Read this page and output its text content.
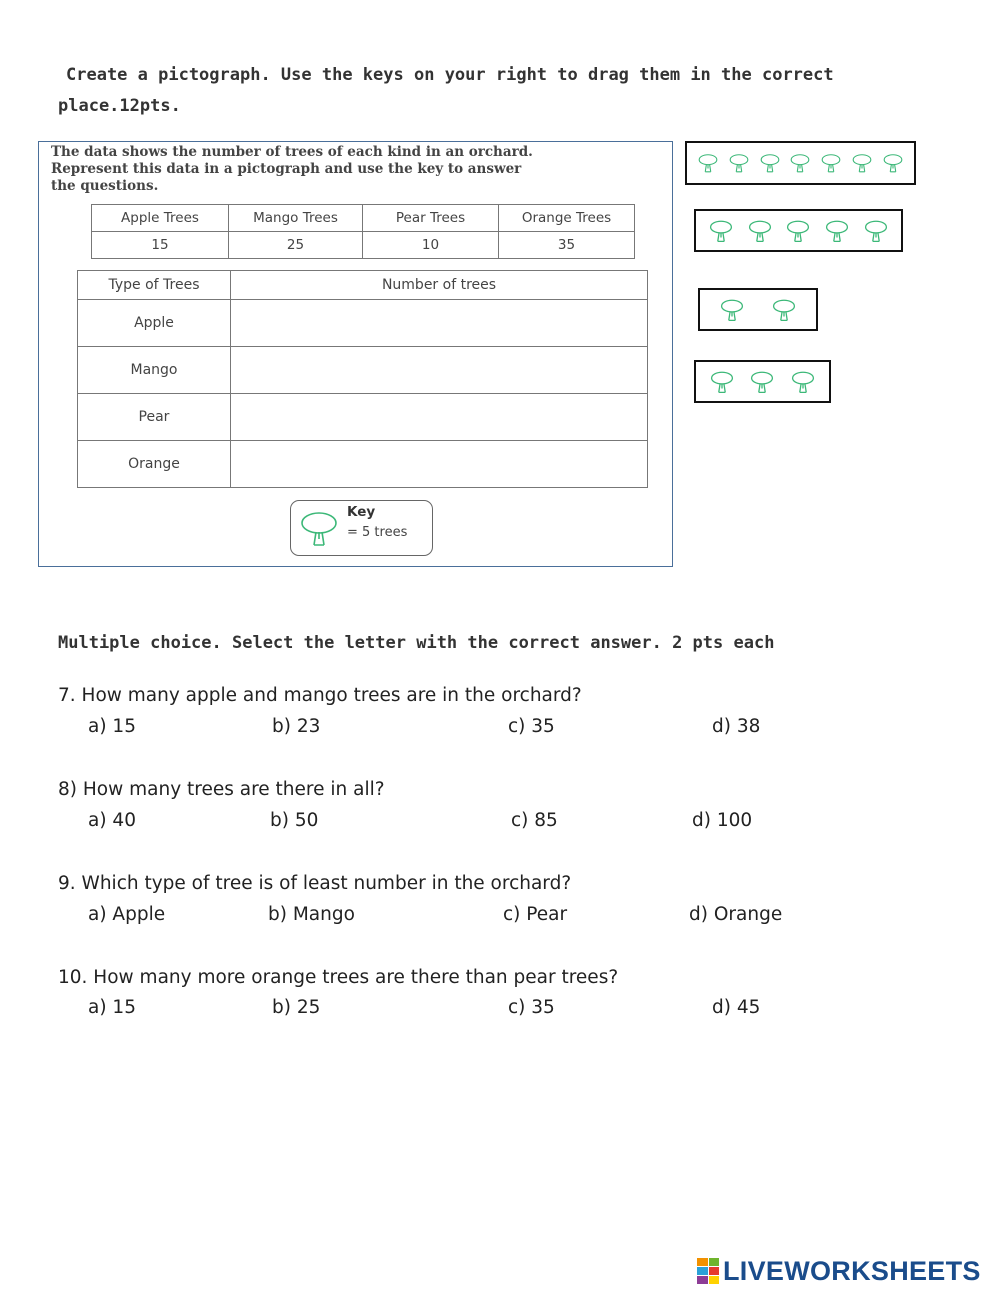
Create a pictograph. Use the keys on your right to drag them in the correct
place.12pts.
The data shows the number of trees of each kind in an orchard.
Represent this data in a pictograph and use the key to answer
the questions.
Apple Trees	Mango Trees	Pear Trees	Orange Trees
15	25	10	35
Type of Trees	Number of trees
Apple	
Mango	
Pear	
Orange	
Key
= 5 trees
Multiple choice. Select the letter with the correct answer. 2 pts each
7. How many apple and mango trees are in the orchard?
a) 15	b) 23	c) 35	d) 38
8) How many trees are there in all?
a) 40	b) 50	c) 85	d) 100
9. Which type of tree is of least number in the orchard?
a) Apple	b) Mango	c) Pear	d) Orange
10. How many more orange trees are there than pear trees?
a) 15	b) 25	c) 35	d) 45
LIVEWORKSHEETS
